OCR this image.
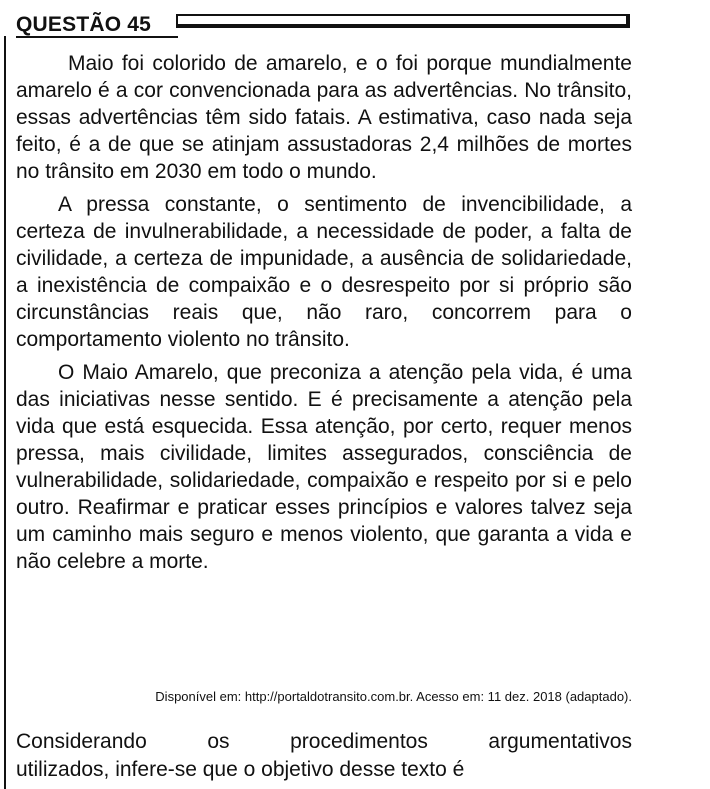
QUESTÃO 45

Maio foi colorido de amarelo, e o foi porque mundialmente amarelo é a cor convencionada para as advertências. No trânsito, essas advertências têm sido fatais. A estimativa, caso nada seja feito, é a de que se atinjam assustadoras 2,4 milhões de mortes no trânsito em 2030 em todo o mundo.

A pressa constante, o sentimento de invencibilidade, a certeza de invulnerabilidade, a necessidade de poder, a falta de civilidade, a certeza de impunidade, a ausência de solidariedade, a inexistência de compaixão e o desrespeito por si próprio são circunstâncias reais que, não raro, concorrem para o comportamento violento no trânsito.

O Maio Amarelo, que preconiza a atenção pela vida, é uma das iniciativas nesse sentido. E é precisamente a atenção pela vida que está esquecida. Essa atenção, por certo, requer menos pressa, mais civilidade, limites assegurados, consciência de vulnerabilidade, solidariedade, compaixão e respeito por si e pelo outro. Reafirmar e praticar esses princípios e valores talvez seja um caminho mais seguro e menos violento, que garanta a vida e não celebre a morte.

Disponível em: http://portaldotransito.com.br. Acesso em: 11 dez. 2018 (adaptado).
Considerando os procedimentos argumentativos
utilizados, infere-se que o objetivo desse texto é
